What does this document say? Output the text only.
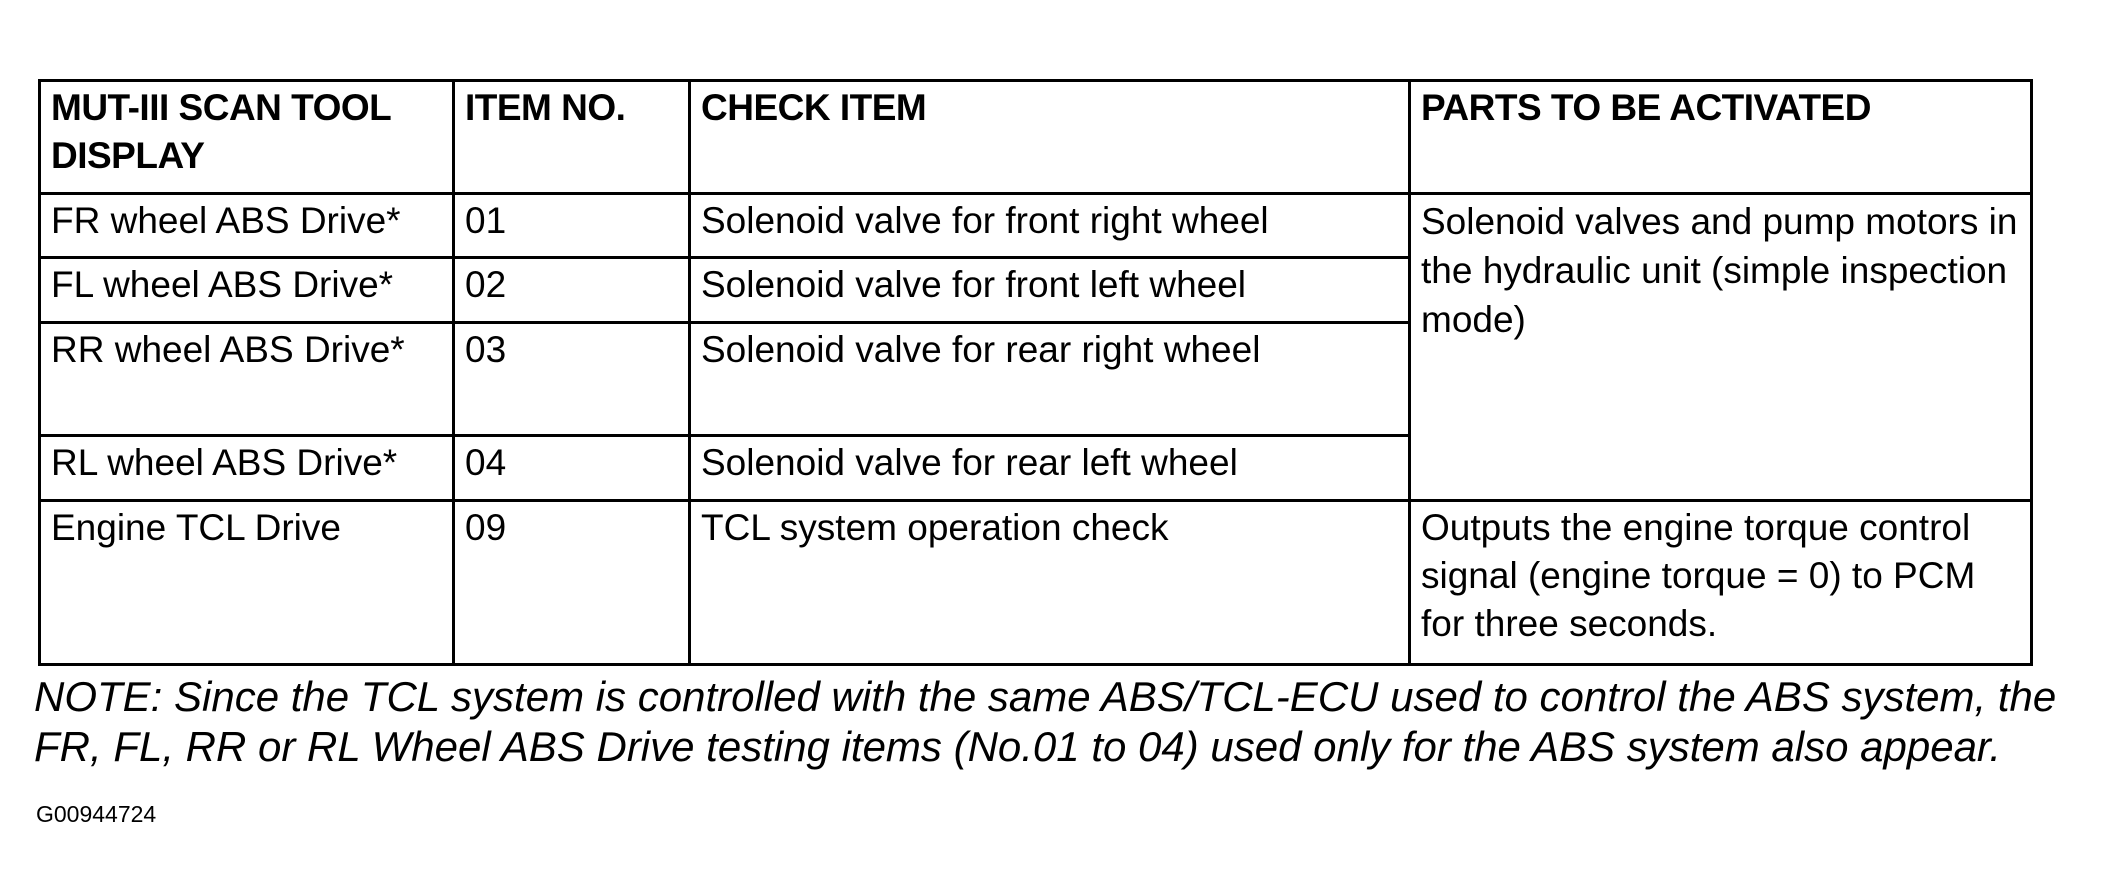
MUT-III SCAN TOOL DISPLAY	ITEM NO.	CHECK ITEM	PARTS TO BE ACTIVATED
FR wheel ABS Drive*	01	Solenoid valve for front right wheel	Solenoid valves and pump motors in the hydraulic unit (simple inspection mode)
FL wheel ABS Drive*	02	Solenoid valve for front left wheel	
RR wheel ABS Drive*	03	Solenoid valve for rear right wheel	
RL wheel ABS Drive*	04	Solenoid valve for rear left wheel	
Engine TCL Drive	09	TCL system operation check	Outputs the engine torque control signal (engine torque = 0) to PCM for three seconds.

NOTE: Since the TCL system is controlled with the same ABS/TCL-ECU used to control the ABS system, the FR, FL, RR or RL Wheel ABS Drive testing items (No.01 to 04) used only for the ABS system also appear.

G00944724
